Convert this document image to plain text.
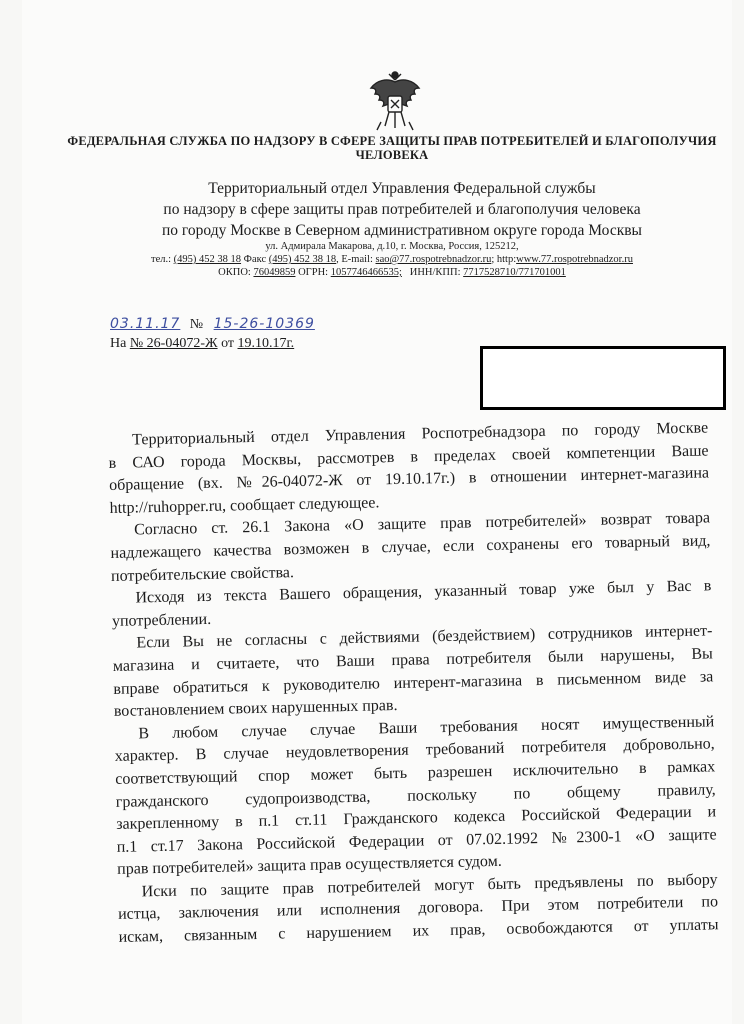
ФЕДЕРАЛЬНАЯ СЛУЖБА ПО НАДЗОРУ В СФЕРЕ ЗАЩИТЫ ПРАВ ПОТРЕБИТЕЛЕЙ И БЛАГОПОЛУЧИЯ
ЧЕЛОВЕКА
Территориальный отдел Управления Федеральной службы
по надзору в сфере защиты прав потребителей и благополучия человека
по городу Москве в Северном административном округе города Москвы
ул. Адмирала Макарова, д.10, г. Москва, Россия, 125212,
тел.: (495) 452 38 18 Факс (495) 452 38 18, E-mail: sao@77.rospotrebnadzor.ru; http:www.77.rospotrebnadzor.ru
ОКПО: 76049859 ОГРН: 1057746466535; ИНН/КПП: 7717528710/771701001
03.11.17 № 15-26-10369
На № 26-04072-Ж от 19.10.17г.
Территориальный отдел Управления Роспотребнадзора по городу Москве
в САО города Москвы, рассмотрев в пределах своей компетенции Ваше
обращение (вх. №26-04072-Ж от 19.10.17г.) в отношении интернет-магазина
http://ruhopper.ru, сообщает следующее.
Согласно ст. 26.1 Закона «О защите прав потребителей» возврат товара
надлежащего качества возможен в случае, если сохранены его товарный вид,
потребительские свойства.
Исходя из текста Вашего обращения, указанный товар уже был у Вас в
употреблении.
Если Вы не согласны с действиями (бездействием) сотрудников интернет-
магазина и считаете, что Ваши права потребителя были нарушены, Вы
вправе обратиться к руководителю интерент-магазина в письменном виде за
востановлением своих нарушенных прав.
В любом случае случае Ваши требования носят имущественный
характер. В случае неудовлетворения требований потребителя добровольно,
соответствующий спор может быть разрешен исключительно в рамках
гражданского судопроизводства, поскольку по общему правилу,
закрепленному в п.1 ст.11 Гражданского кодекса Российской Федерации и
п.1 ст.17 Закона Российской Федерации от 07.02.1992 №2300-1 «О защите
прав потребителей» защита прав осуществляется судом.
Иски по защите прав потребителей могут быть предъявлены по выбору
истца, заключения или исполнения договора. При этом потребители по
искам, связанным с нарушением их прав, освобождаются от уплаты
